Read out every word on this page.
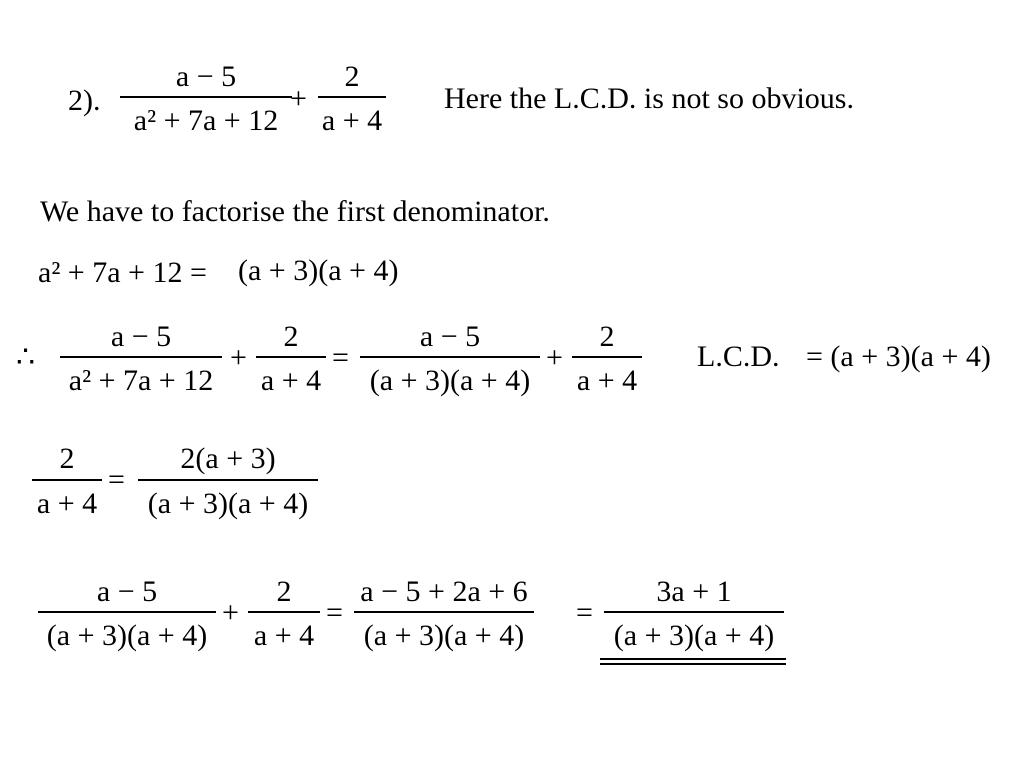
2).
a − 5
a² + 7a + 12
+
2
a + 4
Here the L.C.D. is not so obvious.
We have to factorise the first denominator.
a² + 7a + 12 = (a + 3)(a + 4)
∴
a − 5
a² + 7a + 12
+
2
a + 4
=
a − 5
(a + 3)(a + 4)
+
2
a + 4
L.C.D. = (a + 3)(a + 4)
2
a + 4
=
2(a + 3)
(a + 3)(a + 4)
a − 5
(a + 3)(a + 4)
+
2
a + 4
=
a − 5 + 2a + 6
(a + 3)(a + 4)
=
3a + 1
(a + 3)(a + 4)
